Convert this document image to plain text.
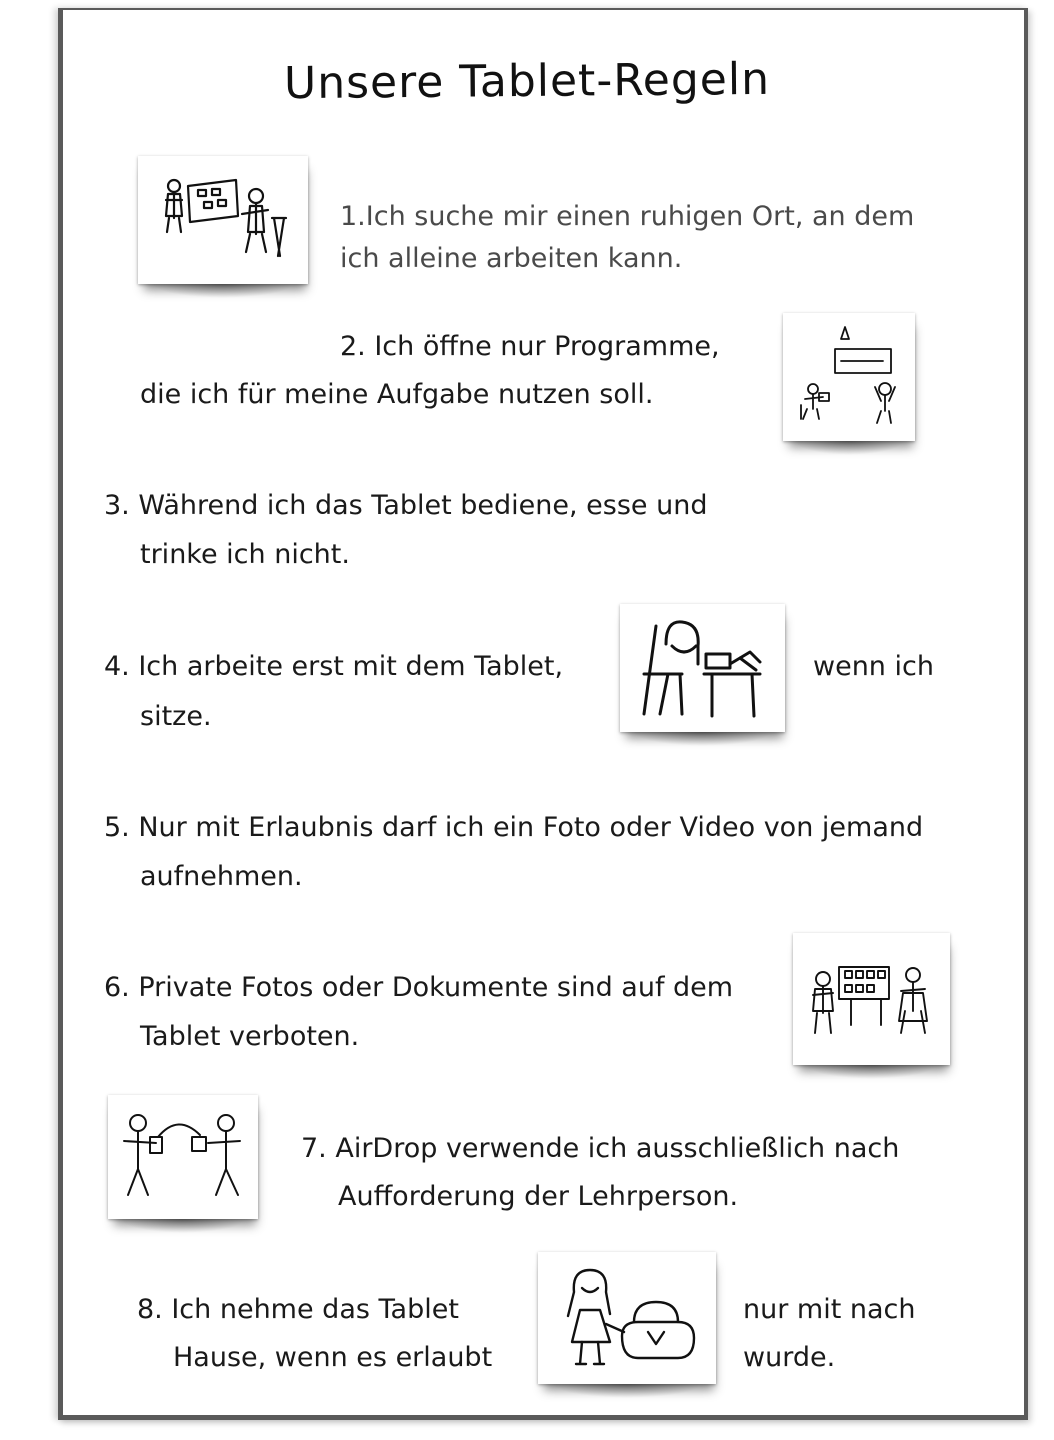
Unsere Tablet-Regeln
1.Ich suche mir einen ruhigen Ort, an dem
ich alleine arbeiten kann.
2. Ich öffne nur Programme,
die ich für meine Aufgabe nutzen soll.
3. Während ich das Tablet bediene, esse und
trinke ich nicht.
4. Ich arbeite erst mit dem Tablet,	wenn ich
sitze.
5. Nur mit Erlaubnis darf ich ein Foto oder Video von jemand
aufnehmen.
6. Private Fotos oder Dokumente sind auf dem
Tablet verboten.
7. AirDrop verwende ich ausschließlich nach
Aufforderung der Lehrperson.
8. Ich nehme das Tablet
Hause, wenn es erlaubt
nur mit nach
wurde.
